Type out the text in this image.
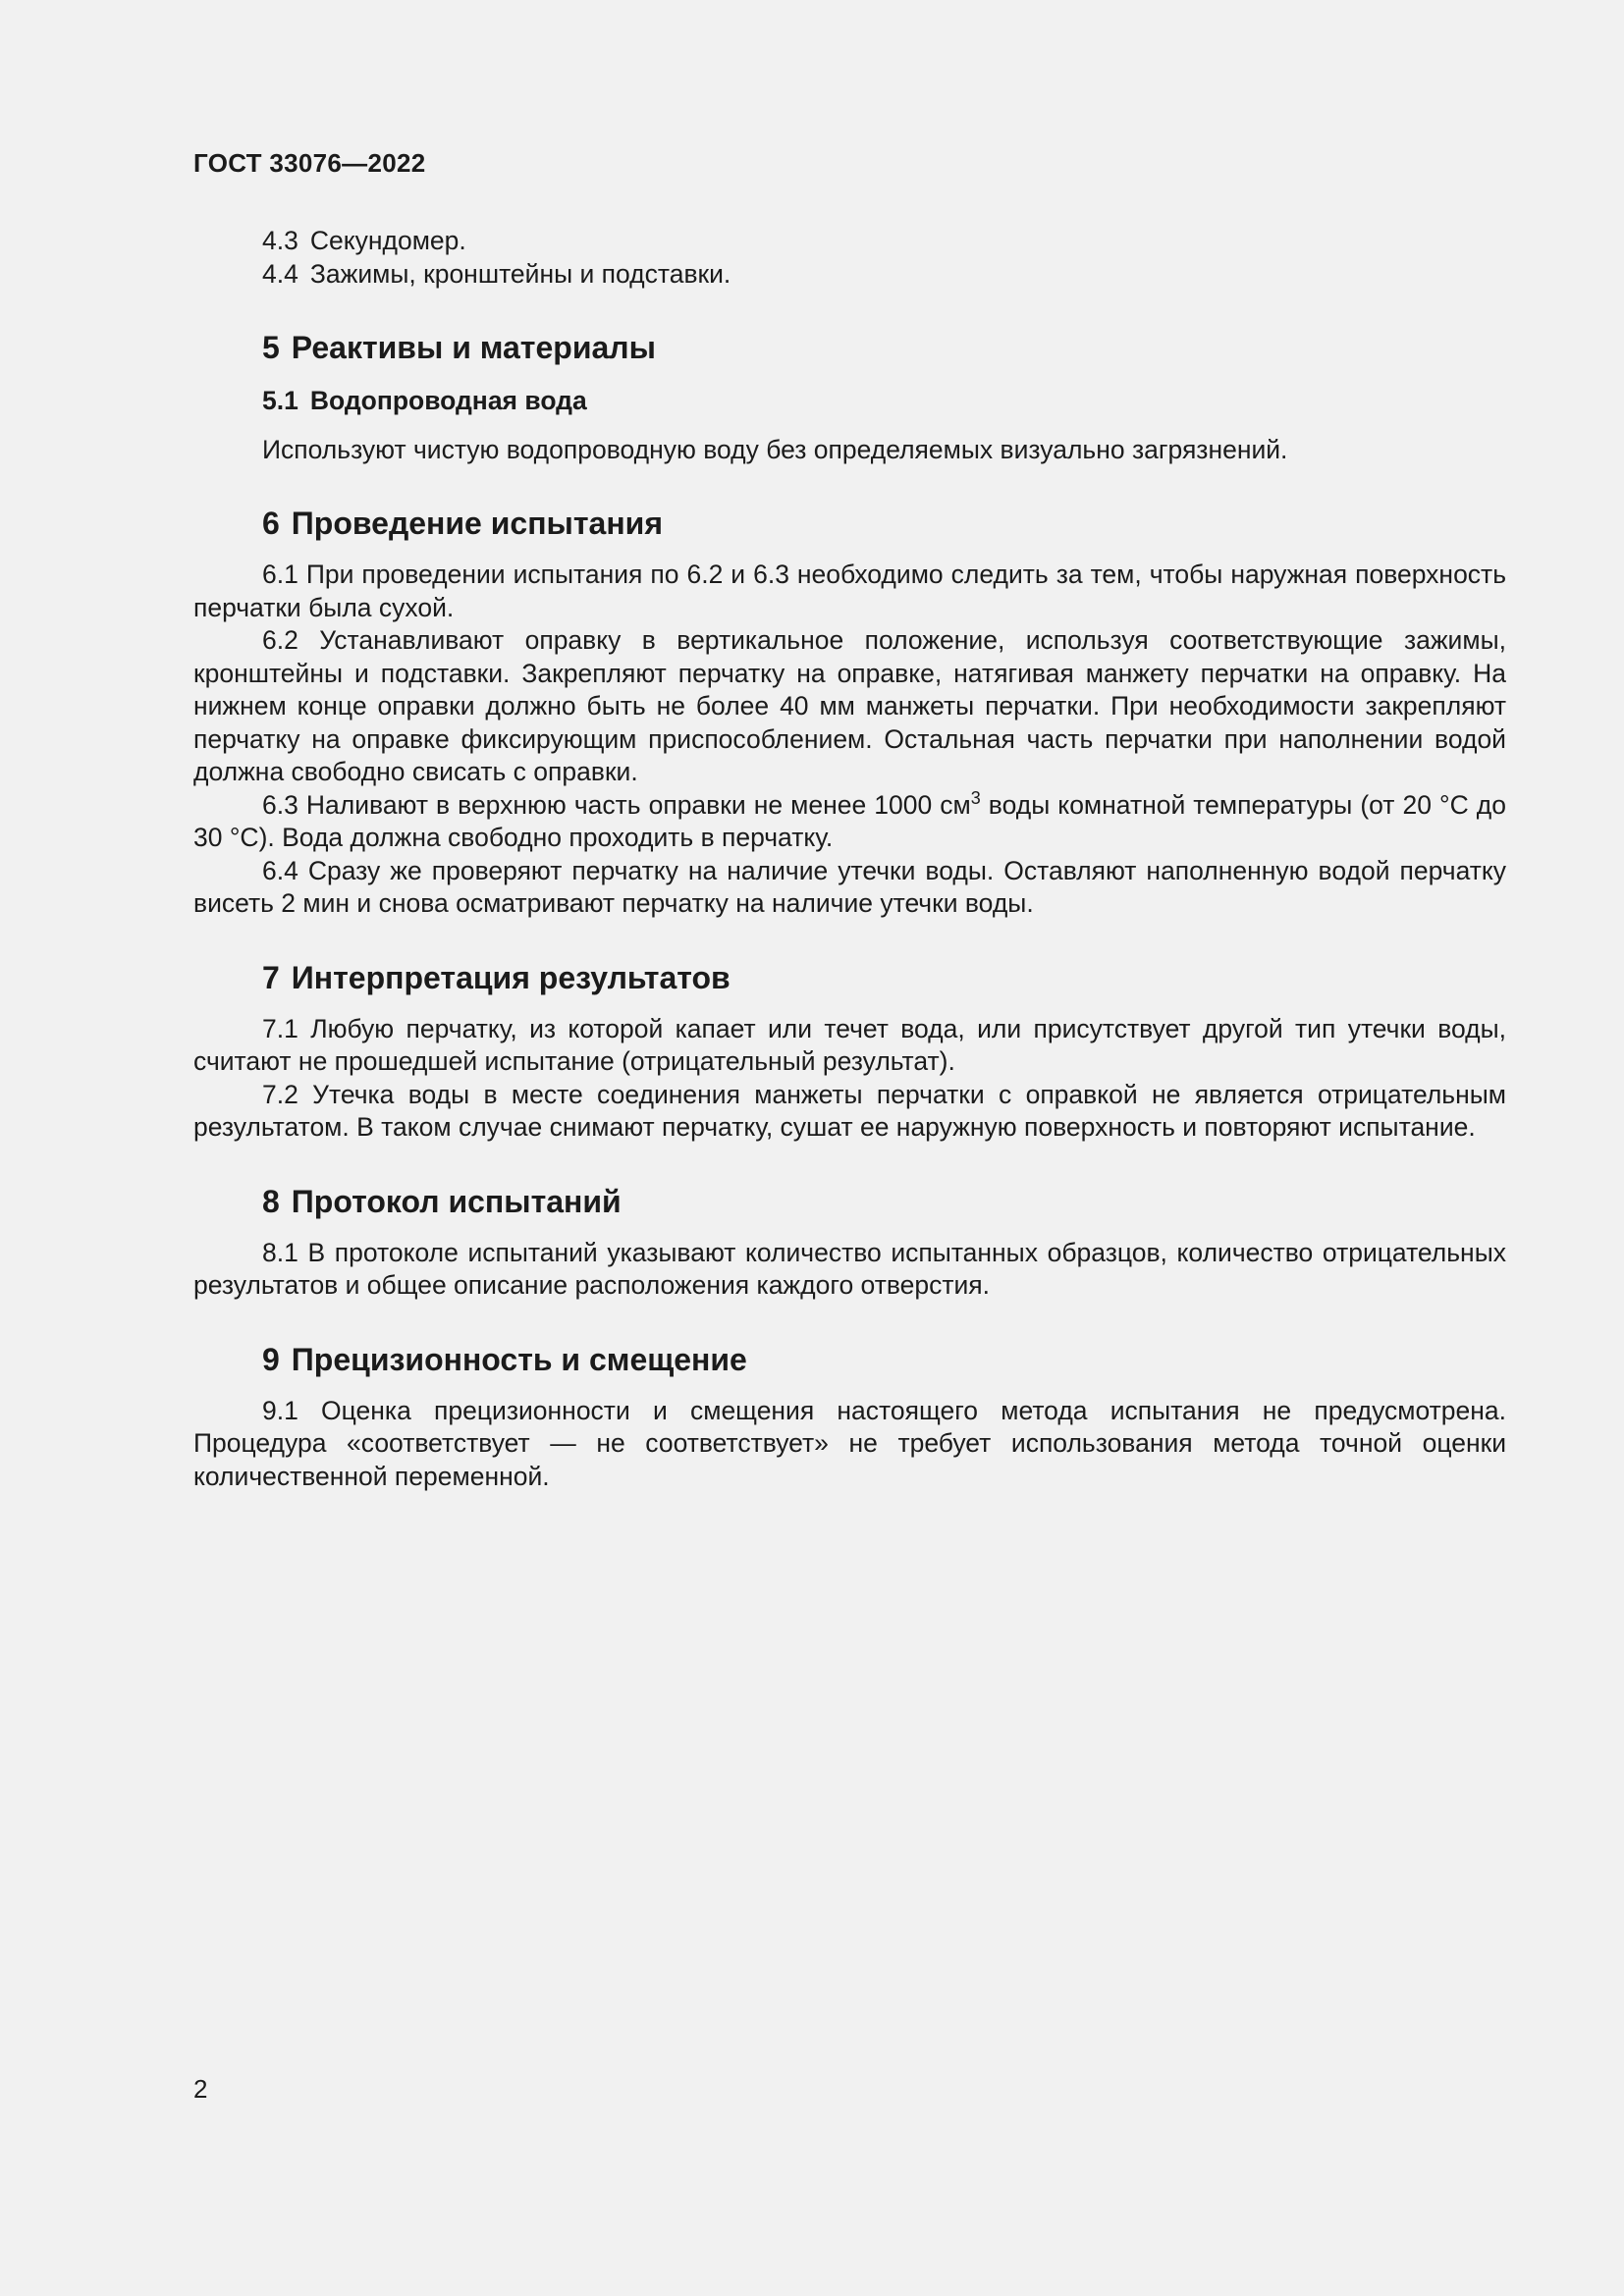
ГОСТ 33076—2022

4.3 Секундомер.

4.4 Зажимы, кронштейны и подставки.

5 Реактивы и материалы

5.1 Водопроводная вода

Используют чистую водопроводную воду без определяемых визуально загрязнений.

6 Проведение испытания

6.1 При проведении испытания по 6.2 и 6.3 необходимо следить за тем, чтобы наружная поверхность перчатки была сухой.

6.2 Устанавливают оправку в вертикальное положение, используя соответствующие зажимы, кронштейны и подставки. Закрепляют перчатку на оправке, натягивая манжету перчатки на оправку. На нижнем конце оправки должно быть не более 40 мм манжеты перчатки. При необходимости закрепляют перчатку на оправке фиксирующим приспособлением. Остальная часть перчатки при наполнении водой должна свободно свисать с оправки.

6.3 Наливают в верхнюю часть оправки не менее 1000 $см^3$ воды комнатной температуры (от 20 °С до 30 °С). Вода должна свободно проходить в перчатку.

6.4 Сразу же проверяют перчатку на наличие утечки воды. Оставляют наполненную водой перчатку висеть 2 мин и снова осматривают перчатку на наличие утечки воды.

7 Интерпретация результатов

7.1 Любую перчатку, из которой капает или течет вода, или присутствует другой тип утечки воды, считают не прошедшей испытание (отрицательный результат).

7.2 Утечка воды в месте соединения манжеты перчатки с оправкой не является отрицательным результатом. В таком случае снимают перчатку, сушат ее наружную поверхность и повторяют испытание.

8 Протокол испытаний

8.1 В протоколе испытаний указывают количество испытанных образцов, количество отрицательных результатов и общее описание расположения каждого отверстия.

9 Прецизионность и смещение

9.1 Оценка прецизионности и смещения настоящего метода испытания не предусмотрена. Процедура «соответствует — не соответствует» не требует использования метода точной оценки количественной переменной.

2
